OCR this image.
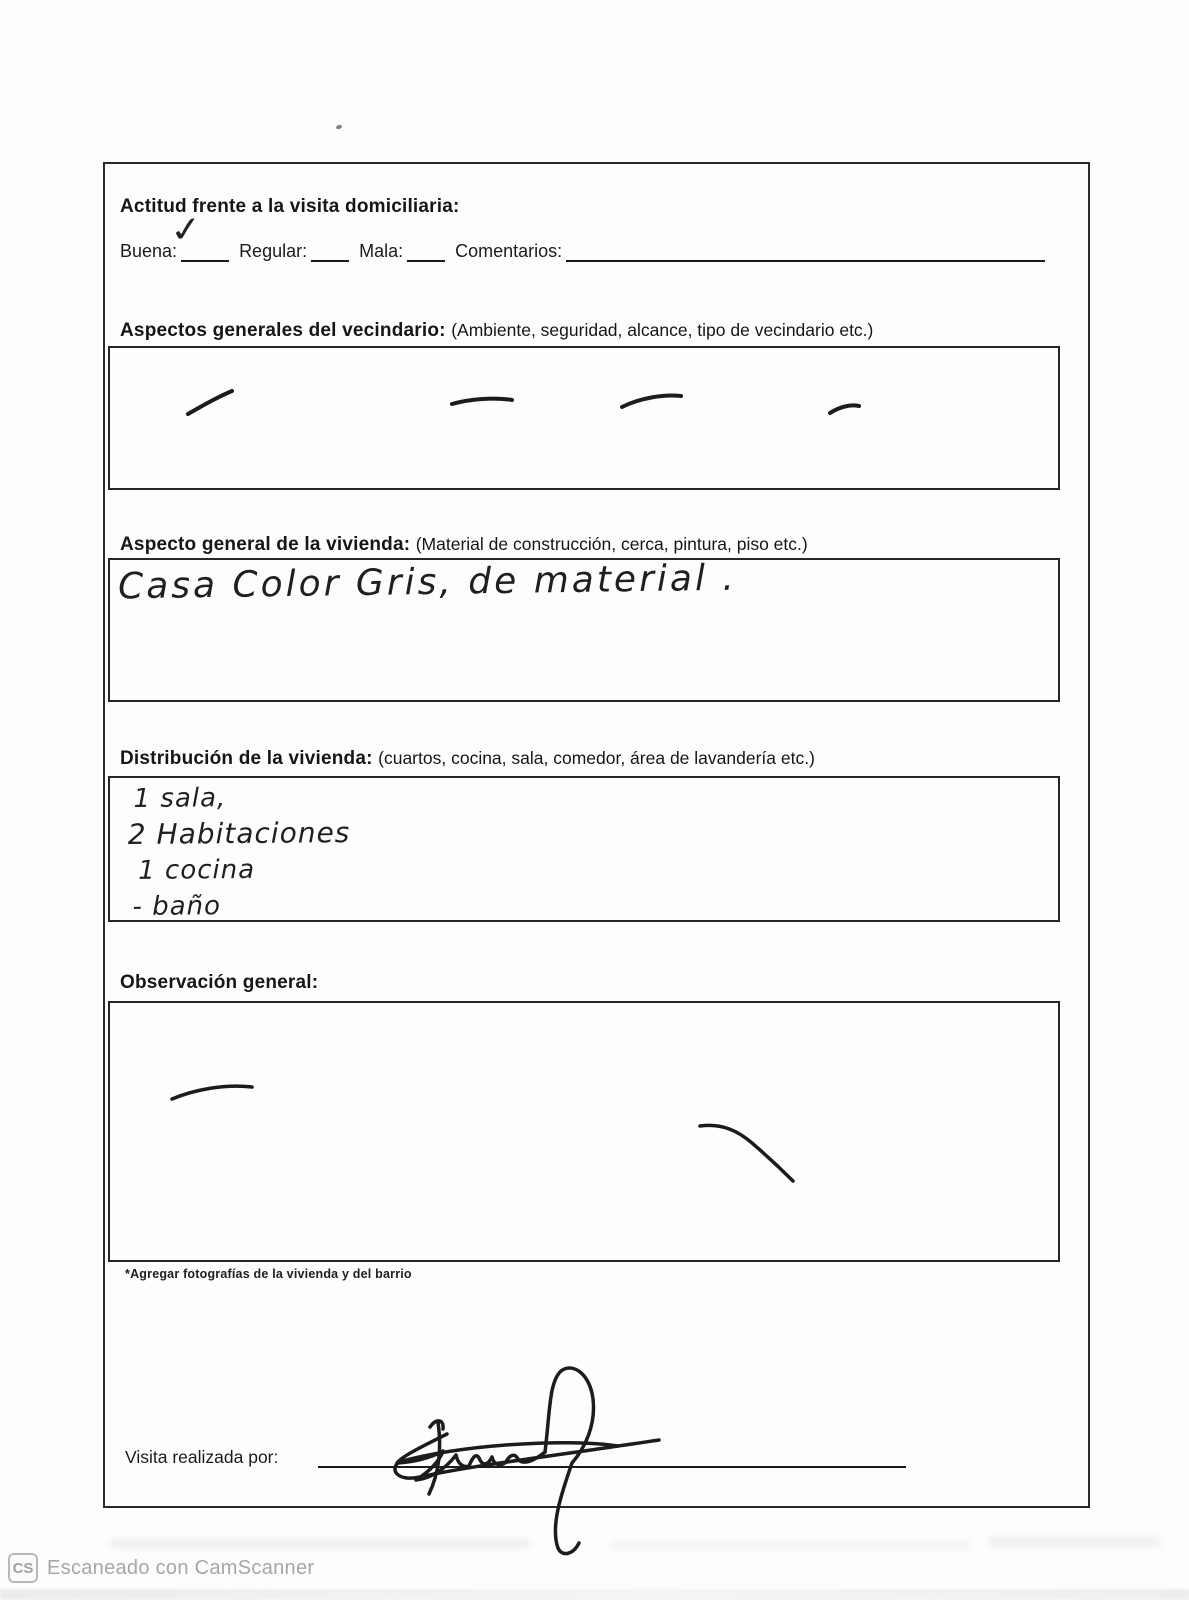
Actitud frente a la visita domiciliaria:
Buena:
✓ Regular:	Mala:	Comentarios:
Aspectos generales del vecindario: (Ambiente, seguridad, alcance, tipo de vecindario etc.)
Aspecto general de la vivienda: (Material de construcción, cerca, pintura, piso etc.)
Casa Color Gris, de material .
Distribución de la vivienda: (cuartos, cocina, sala, comedor, área de lavandería etc.)
1 sala,
2 Habitaciones
1 cocina
- baño
Observación general:
*Agregar fotografías de la vivienda y del barrio
Visita realizada por:
CS Escaneado con CamScanner
